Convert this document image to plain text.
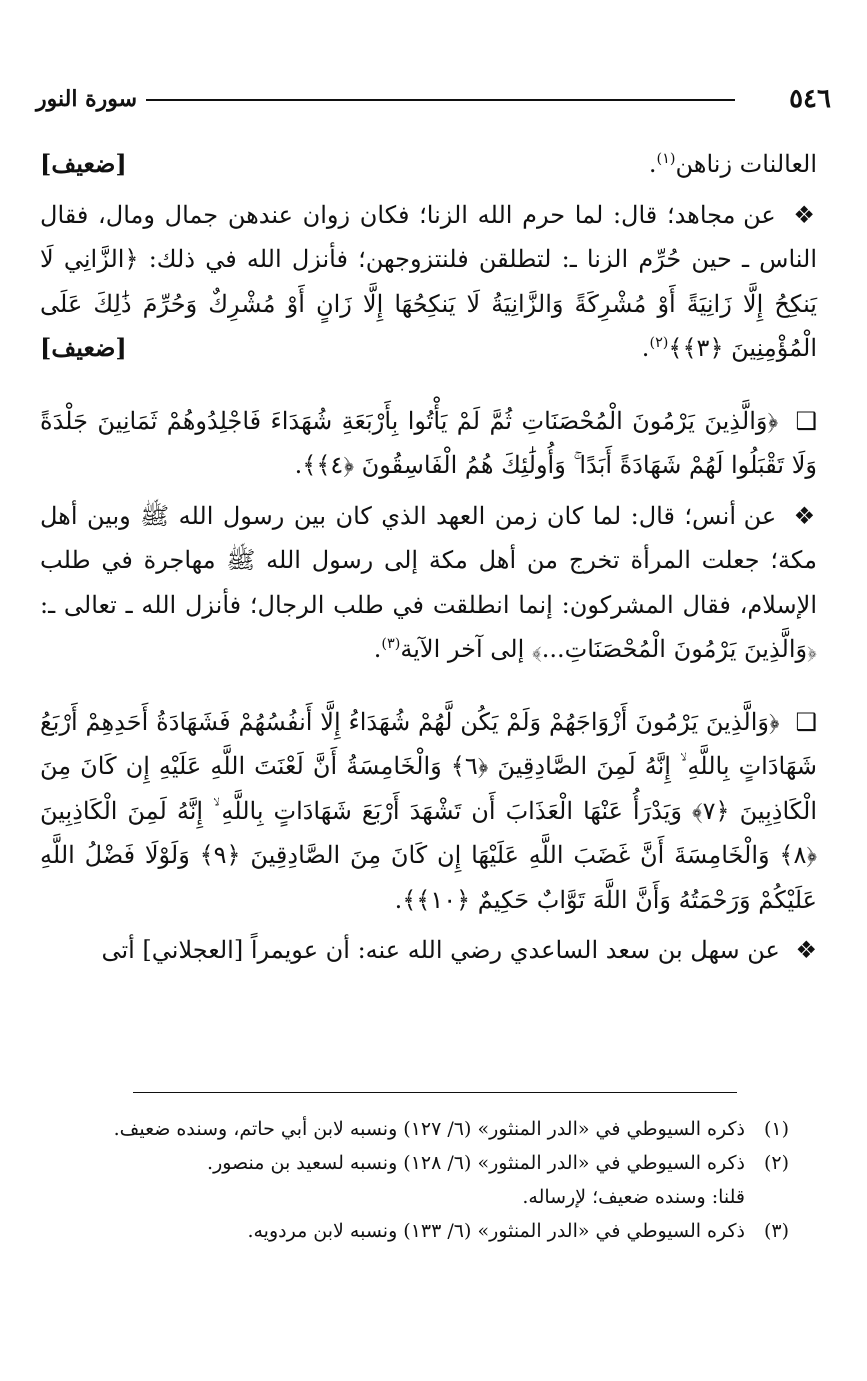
٥٤٦
سورة النور

[ضعيف]	العالنات زناهن$^{(١)}$.

❖ عن مجاهد؛ قال: لما حرم الله الزنا؛ فكان زوان عندهن جمال ومال، فقال الناس ـ حين حُرِّم الزنا ـ: لتطلقن فلنتزوجهن؛ فأنزل الله في ذلك: ﴿الزَّانِي لَا يَنكِحُ إِلَّا زَانِيَةً أَوْ مُشْرِكَةً وَالزَّانِيَةُ لَا يَنكِحُهَا إِلَّا زَانٍ أَوْ مُشْرِكٌ وَحُرِّمَ ذَٰلِكَ عَلَى الْمُؤْمِنِينَ ﴿٣﴾﴾$^{(٢)}$.
[ضعيف]

❑ ﴿وَالَّذِينَ يَرْمُونَ الْمُحْصَنَاتِ ثُمَّ لَمْ يَأْتُوا بِأَرْبَعَةِ شُهَدَاءَ فَاجْلِدُوهُمْ ثَمَانِينَ جَلْدَةً وَلَا تَقْبَلُوا لَهُمْ شَهَادَةً أَبَدًا ۚ وَأُولَٰئِكَ هُمُ الْفَاسِقُونَ ﴿٤﴾﴾.

❖ عن أنس؛ قال: لما كان زمن العهد الذي كان بين رسول الله ﷺ وبين أهل مكة؛ جعلت المرأة تخرج من أهل مكة إلى رسول الله ﷺ مهاجرة في طلب الإسلام، فقال المشركون: إنما انطلقت في طلب الرجال؛ فأنزل الله ـ تعالى ـ: ﴿وَالَّذِينَ يَرْمُونَ الْمُحْصَنَاتِ...﴾ إلى آخر الآية$^{(٣)}$.

❑ ﴿وَالَّذِينَ يَرْمُونَ أَزْوَاجَهُمْ وَلَمْ يَكُن لَّهُمْ شُهَدَاءُ إِلَّا أَنفُسُهُمْ فَشَهَادَةُ أَحَدِهِمْ أَرْبَعُ شَهَادَاتٍ بِاللَّهِ ۙ إِنَّهُ لَمِنَ الصَّادِقِينَ ﴿٦﴾ وَالْخَامِسَةُ أَنَّ لَعْنَتَ اللَّهِ عَلَيْهِ إِن كَانَ مِنَ الْكَاذِبِينَ ﴿٧﴾ وَيَدْرَأُ عَنْهَا الْعَذَابَ أَن تَشْهَدَ أَرْبَعَ شَهَادَاتٍ بِاللَّهِ ۙ إِنَّهُ لَمِنَ الْكَاذِبِينَ ﴿٨﴾ وَالْخَامِسَةَ أَنَّ غَضَبَ اللَّهِ عَلَيْهَا إِن كَانَ مِنَ الصَّادِقِينَ ﴿٩﴾ وَلَوْلَا فَضْلُ اللَّهِ عَلَيْكُمْ وَرَحْمَتُهُ وَأَنَّ اللَّهَ تَوَّابٌ حَكِيمٌ ﴿١٠﴾﴾.

❖ عن سهل بن سعد الساعدي رضي الله عنه: أن عويمراً [العجلاني] أتى

(١)
ذكره السيوطي في «الدر المنثور» (٦/ ١٢٧) ونسبه لابن أبي حاتم، وسنده ضعيف.

(٢)
ذكره السيوطي في «الدر المنثور» (٦/ ١٢٨) ونسبه لسعيد بن منصور.

قلنا: وسنده ضعيف؛ لإرساله.

(٣)
ذكره السيوطي في «الدر المنثور» (٦/ ١٣٣) ونسبه لابن مردويه.
